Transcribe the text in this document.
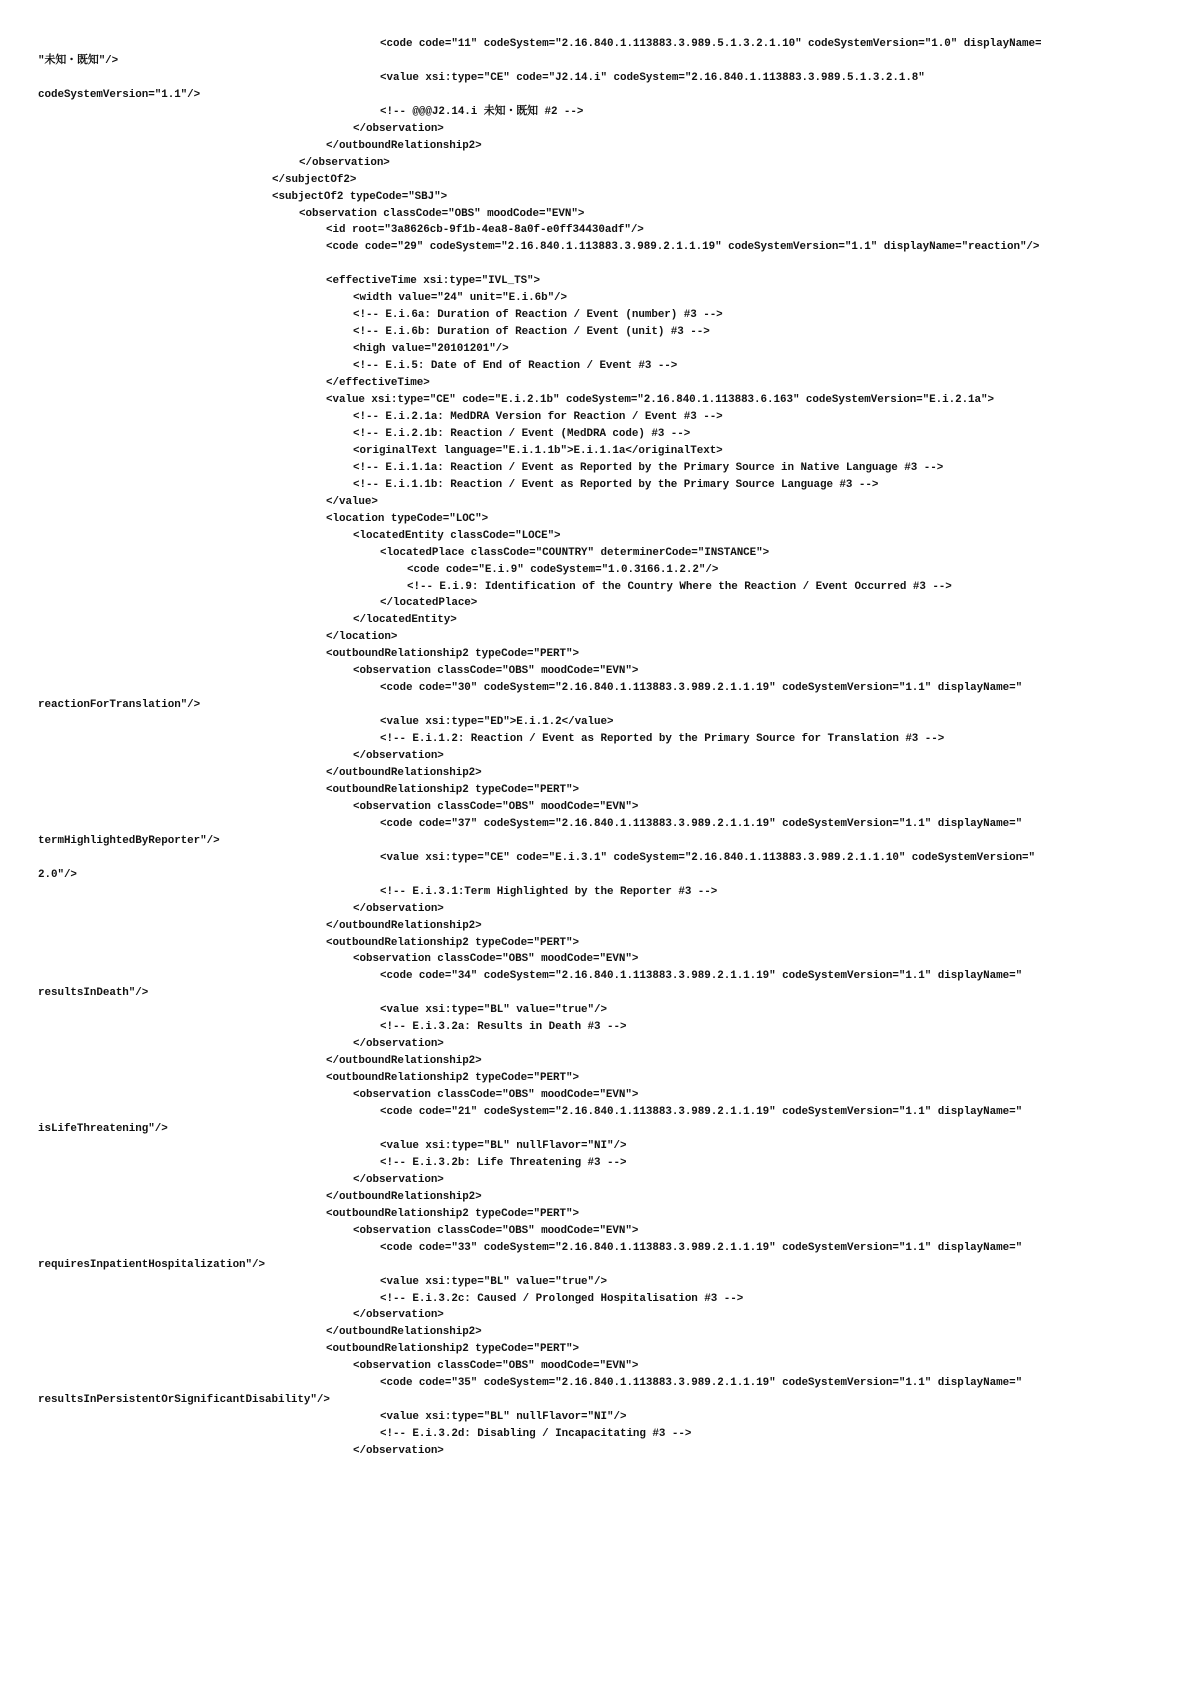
<code code="11" codeSystem="2.16.840.1.113883.3.989.5.1.3.2.1.10" codeSystemVersion="1.0" displayName=
"未知・既知"/>
<value xsi:type="CE" code="J2.14.i" codeSystem="2.16.840.1.113883.3.989.5.1.3.2.1.8"
codeSystemVersion="1.1"/>
<!-- @@@J2.14.i 未知・既知 #2 -->
</observation>
</outboundRelationship2>
</observation>
</subjectOf2>
<subjectOf2 typeCode="SBJ">
<observation classCode="OBS" moodCode="EVN">
<id root="3a8626cb-9f1b-4ea8-8a0f-e0ff34430adf"/>
<code code="29" codeSystem="2.16.840.1.113883.3.989.2.1.1.19" codeSystemVersion="1.1" displayName="reaction"/>
<effectiveTime xsi:type="IVL_TS">
<width value="24" unit="E.i.6b"/>
<!-- E.i.6a: Duration of Reaction / Event (number) #3 -->
<!-- E.i.6b: Duration of Reaction / Event (unit) #3 -->
<high value="20101201"/>
<!-- E.i.5: Date of End of Reaction / Event #3 -->
</effectiveTime>
<value xsi:type="CE" code="E.i.2.1b" codeSystem="2.16.840.1.113883.6.163" codeSystemVersion="E.i.2.1a">
<!-- E.i.2.1a: MedDRA Version for Reaction / Event #3 -->
<!-- E.i.2.1b: Reaction / Event (MedDRA code) #3 -->
<originalText language="E.i.1.1b">E.i.1.1a</originalText>
<!-- E.i.1.1a: Reaction / Event as Reported by the Primary Source in Native Language #3 -->
<!-- E.i.1.1b: Reaction / Event as Reported by the Primary Source Language #3 -->
</value>
<location typeCode="LOC">
<locatedEntity classCode="LOCE">
<locatedPlace classCode="COUNTRY" determinerCode="INSTANCE">
<code code="E.i.9" codeSystem="1.0.3166.1.2.2"/>
<!-- E.i.9: Identification of the Country Where the Reaction / Event Occurred #3 -->
</locatedPlace>
</locatedEntity>
</location>
<outboundRelationship2 typeCode="PERT">
<observation classCode="OBS" moodCode="EVN">
<code code="30" codeSystem="2.16.840.1.113883.3.989.2.1.1.19" codeSystemVersion="1.1" displayName="
reactionForTranslation"/>
<value xsi:type="ED">E.i.1.2</value>
<!-- E.i.1.2: Reaction / Event as Reported by the Primary Source for Translation #3 -->
</observation>
</outboundRelationship2>
<outboundRelationship2 typeCode="PERT">
<observation classCode="OBS" moodCode="EVN">
<code code="37" codeSystem="2.16.840.1.113883.3.989.2.1.1.19" codeSystemVersion="1.1" displayName="
termHighlightedByReporter"/>
<value xsi:type="CE" code="E.i.3.1" codeSystem="2.16.840.1.113883.3.989.2.1.1.10" codeSystemVersion="
2.0"/>
<!-- E.i.3.1:Term Highlighted by the Reporter #3 -->
</observation>
</outboundRelationship2>
<outboundRelationship2 typeCode="PERT">
<observation classCode="OBS" moodCode="EVN">
<code code="34" codeSystem="2.16.840.1.113883.3.989.2.1.1.19" codeSystemVersion="1.1" displayName="
resultsInDeath"/>
<value xsi:type="BL" value="true"/>
<!-- E.i.3.2a: Results in Death #3 -->
</observation>
</outboundRelationship2>
<outboundRelationship2 typeCode="PERT">
<observation classCode="OBS" moodCode="EVN">
<code code="21" codeSystem="2.16.840.1.113883.3.989.2.1.1.19" codeSystemVersion="1.1" displayName="
isLifeThreatening"/>
<value xsi:type="BL" nullFlavor="NI"/>
<!-- E.i.3.2b: Life Threatening #3 -->
</observation>
</outboundRelationship2>
<outboundRelationship2 typeCode="PERT">
<observation classCode="OBS" moodCode="EVN">
<code code="33" codeSystem="2.16.840.1.113883.3.989.2.1.1.19" codeSystemVersion="1.1" displayName="
requiresInpatientHospitalization"/>
<value xsi:type="BL" value="true"/>
<!-- E.i.3.2c: Caused / Prolonged Hospitalisation #3 -->
</observation>
</outboundRelationship2>
<outboundRelationship2 typeCode="PERT">
<observation classCode="OBS" moodCode="EVN">
<code code="35" codeSystem="2.16.840.1.113883.3.989.2.1.1.19" codeSystemVersion="1.1" displayName="
resultsInPersistentOrSignificantDisability"/>
<value xsi:type="BL" nullFlavor="NI"/>
<!-- E.i.3.2d: Disabling / Incapacitating #3 -->
</observation>
